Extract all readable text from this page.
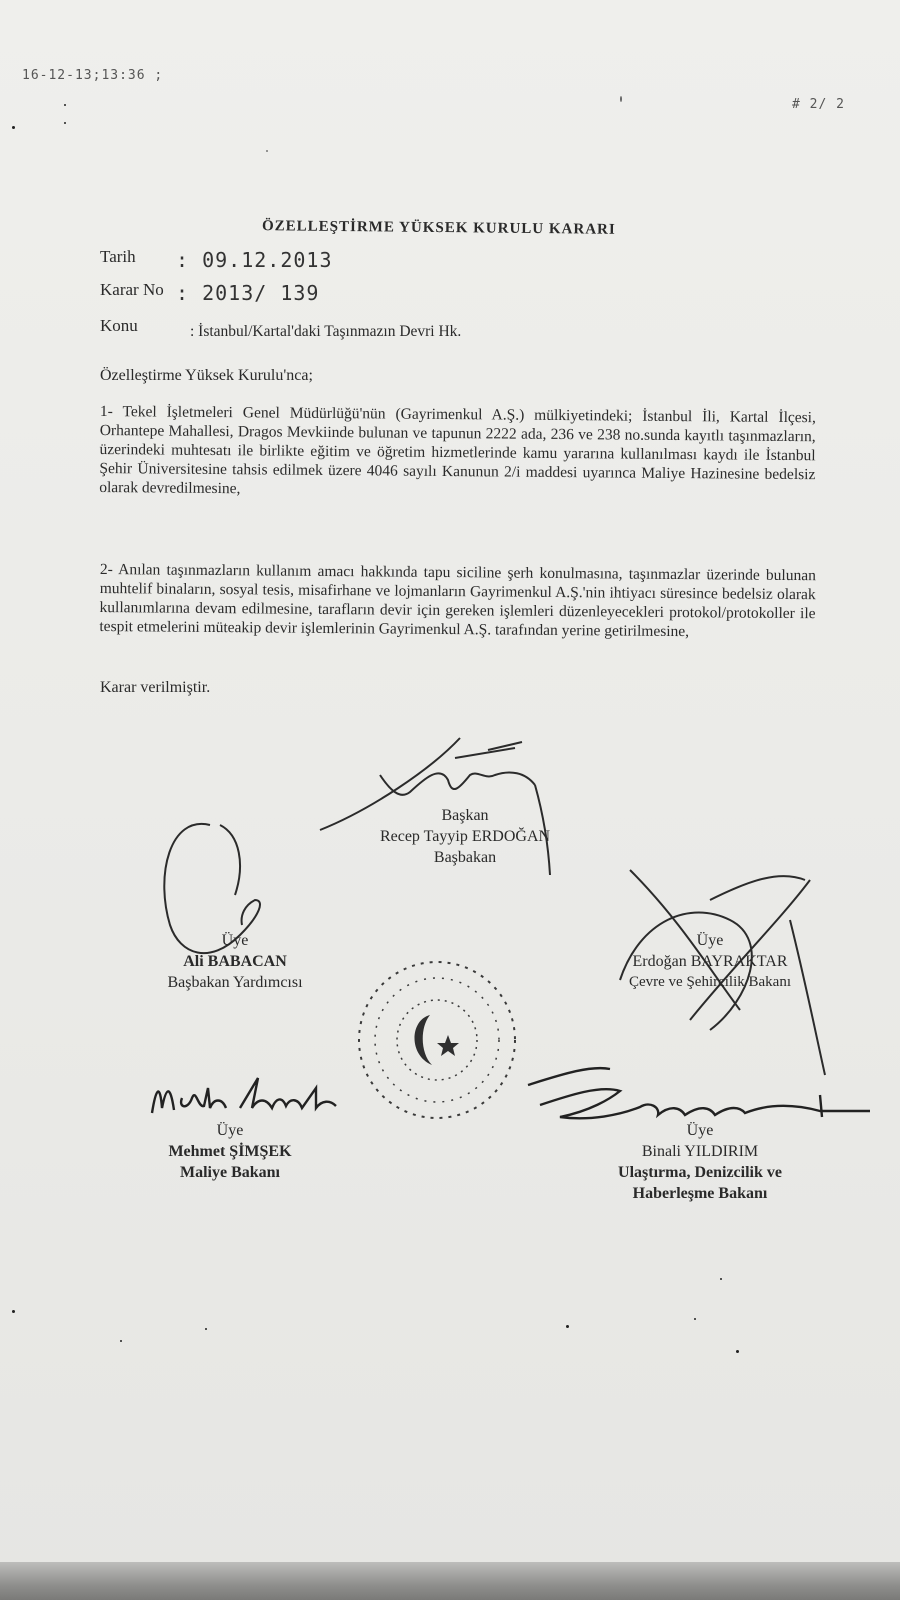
16-12-13;13:36 ;
# 2/ 2
ÖZELLEŞTİRME YÜKSEK KURULU KARARI
Tarih : 09.12.2013
Karar No : 2013/ 139
Konu	: İstanbul/Kartal'daki Taşınmazın Devri Hk.
Özelleştirme Yüksek Kurulu'nca;

1- Tekel İşletmeleri Genel Müdürlüğü'nün (Gayrimenkul A.Ş.) mülkiyetindeki; İstanbul İli, Kartal İlçesi, Orhantepe Mahallesi, Dragos Mevkiinde bulunan ve tapunun 2222 ada, 236 ve 238 no.sunda kayıtlı taşınmazların, üzerindeki muhtesatı ile birlikte eğitim ve öğretim hizmetlerinde kamu yararına kullanılması kaydı ile İstanbul Şehir Üniversitesine tahsis edilmek üzere 4046 sayılı Kanunun 2/i maddesi uyarınca Maliye Hazinesine bedelsiz olarak devredilmesine,

2- Anılan taşınmazların kullanım amacı hakkında tapu siciline şerh konulmasına, taşınmazlar üzerinde bulunan muhtelif binaların, sosyal tesis, misafirhane ve lojmanların Gayrimenkul A.Ş.'nin ihtiyacı süresince bedelsiz olarak kullanımlarına devam edilmesine, tarafların devir için gereken işlemleri düzenleyecekleri protokol/protokoller ile tespit etmelerini müteakip devir işlemlerinin Gayrimenkul A.Ş. tarafından yerine getirilmesine,

Karar verilmiştir.
Başkan
Recep Tayyip ERDOĞAN
Başbakan
Üye
Ali BABACAN
Başbakan Yardımcısı
Üye
Erdoğan BAYRAKTAR
Çevre ve Şehircilik Bakanı
Üye
Mehmet ŞİMŞEK
Maliye Bakanı
Üye
Binali YILDIRIM
Ulaştırma, Denizcilik ve
Haberleşme Bakanı
